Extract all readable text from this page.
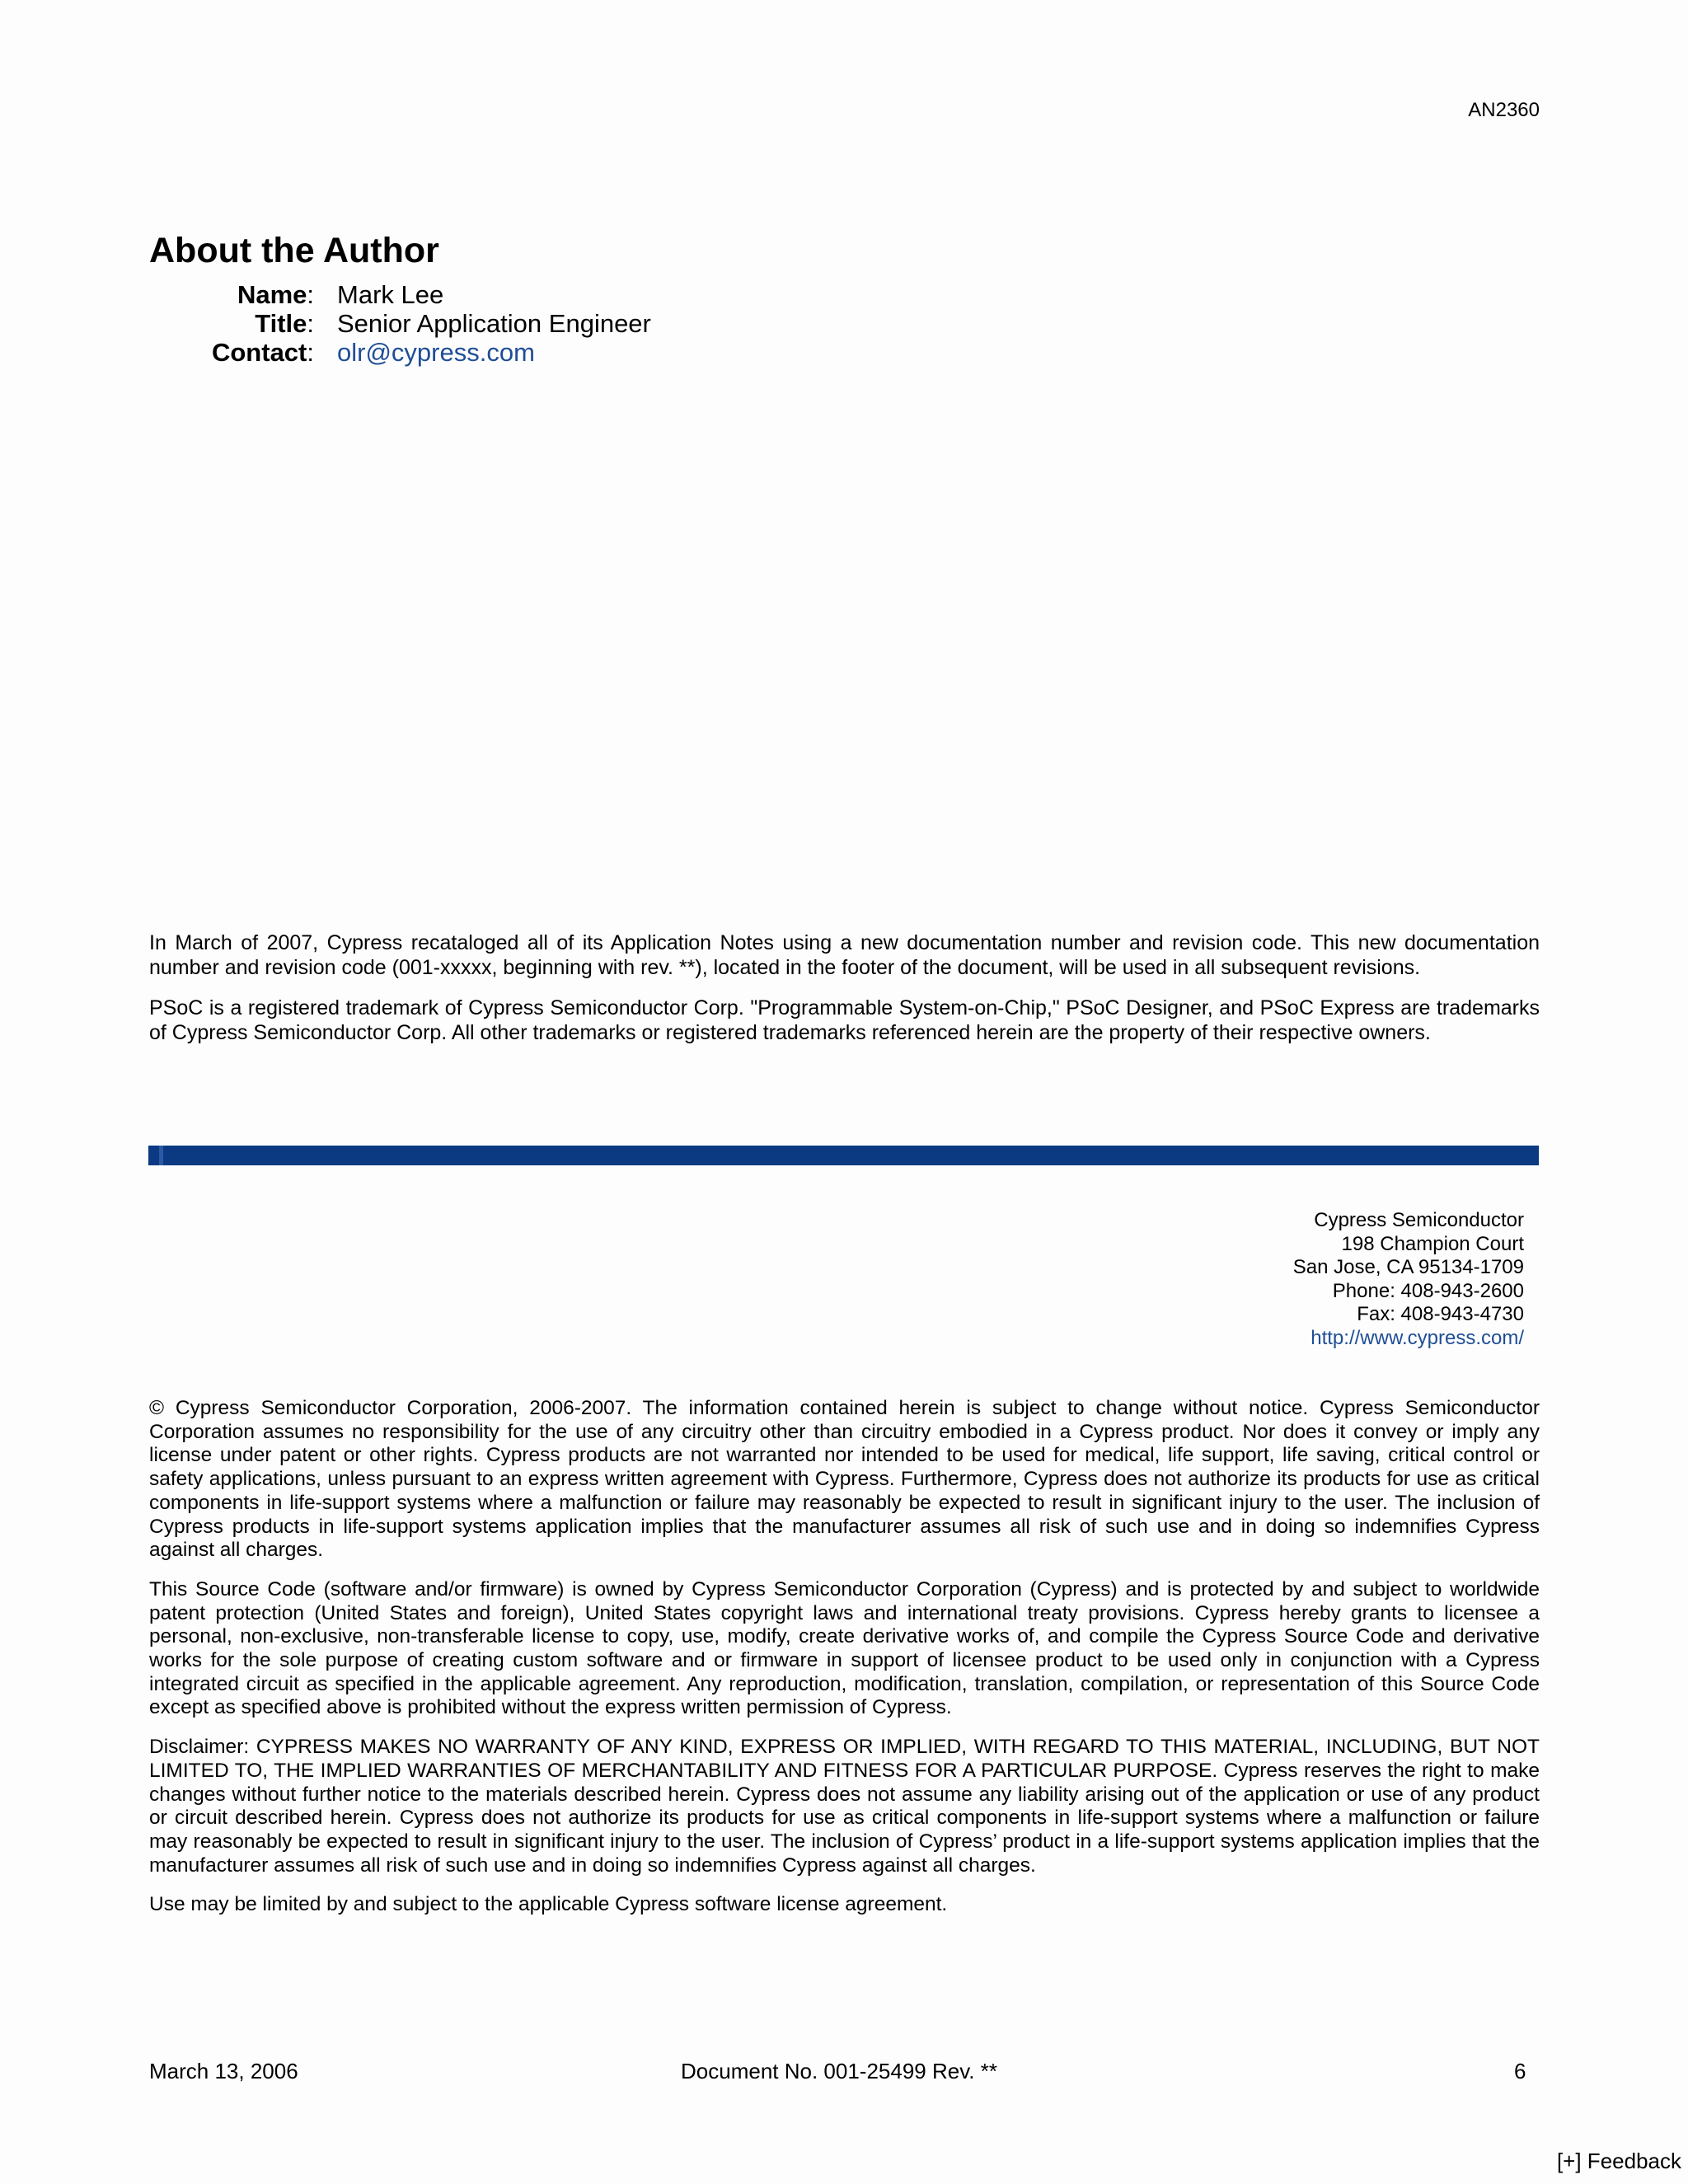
AN2360
About the Author
Name: Mark Lee
Title: Senior Application Engineer
Contact: olr@cypress.com

In March of 2007, Cypress recataloged all of its Application Notes using a new documentation number and revision code. This new documentation number and revision code (001-xxxxx, beginning with rev. **), located in the footer of the document, will be used in all subsequent revisions.

PSoC is a registered trademark of Cypress Semiconductor Corp. "Programmable System-on-Chip," PSoC Designer, and PSoC Express are trademarks of Cypress Semiconductor Corp. All other trademarks or registered trademarks referenced herein are the property of their respective owners.

Cypress Semiconductor
198 Champion Court
San Jose, CA 95134-1709
Phone: 408-943-2600
Fax: 408-943-4730
http://www.cypress.com/

© Cypress Semiconductor Corporation, 2006-2007. The information contained herein is subject to change without notice. Cypress Semiconductor Corporation assumes no responsibility for the use of any circuitry other than circuitry embodied in a Cypress product. Nor does it convey or imply any license under patent or other rights. Cypress products are not warranted nor intended to be used for medical, life support, life saving, critical control or safety applications, unless pursuant to an express written agreement with Cypress. Furthermore, Cypress does not authorize its products for use as critical components in life-support systems where a malfunction or failure may reasonably be expected to result in significant injury to the user. The inclusion of Cypress products in life-support systems application implies that the manufacturer assumes all risk of such use and in doing so indemnifies Cypress against all charges.

This Source Code (software and/or firmware) is owned by Cypress Semiconductor Corporation (Cypress) and is protected by and subject to worldwide patent protection (United States and foreign), United States copyright laws and international treaty provisions. Cypress hereby grants to licensee a personal, non-exclusive, non-transferable license to copy, use, modify, create derivative works of, and compile the Cypress Source Code and derivative works for the sole purpose of creating custom software and or firmware in support of licensee product to be used only in conjunction with a Cypress integrated circuit as specified in the applicable agreement. Any reproduction, modification, translation, compilation, or representation of this Source Code except as specified above is prohibited without the express written permission of Cypress.

Disclaimer: CYPRESS MAKES NO WARRANTY OF ANY KIND, EXPRESS OR IMPLIED, WITH REGARD TO THIS MATERIAL, INCLUDING, BUT NOT LIMITED TO, THE IMPLIED WARRANTIES OF MERCHANTABILITY AND FITNESS FOR A PARTICULAR PURPOSE. Cypress reserves the right to make changes without further notice to the materials described herein. Cypress does not assume any liability arising out of the application or use of any product or circuit described herein. Cypress does not authorize its products for use as critical components in life-support systems where a malfunction or failure may reasonably be expected to result in significant injury to the user. The inclusion of Cypress’ product in a life-support systems application implies that the manufacturer assumes all risk of such use and in doing so indemnifies Cypress against all charges.

Use may be limited by and subject to the applicable Cypress software license agreement.

March 13, 2006	Document No. 001-25499 Rev. **	6
[+] Feedback
